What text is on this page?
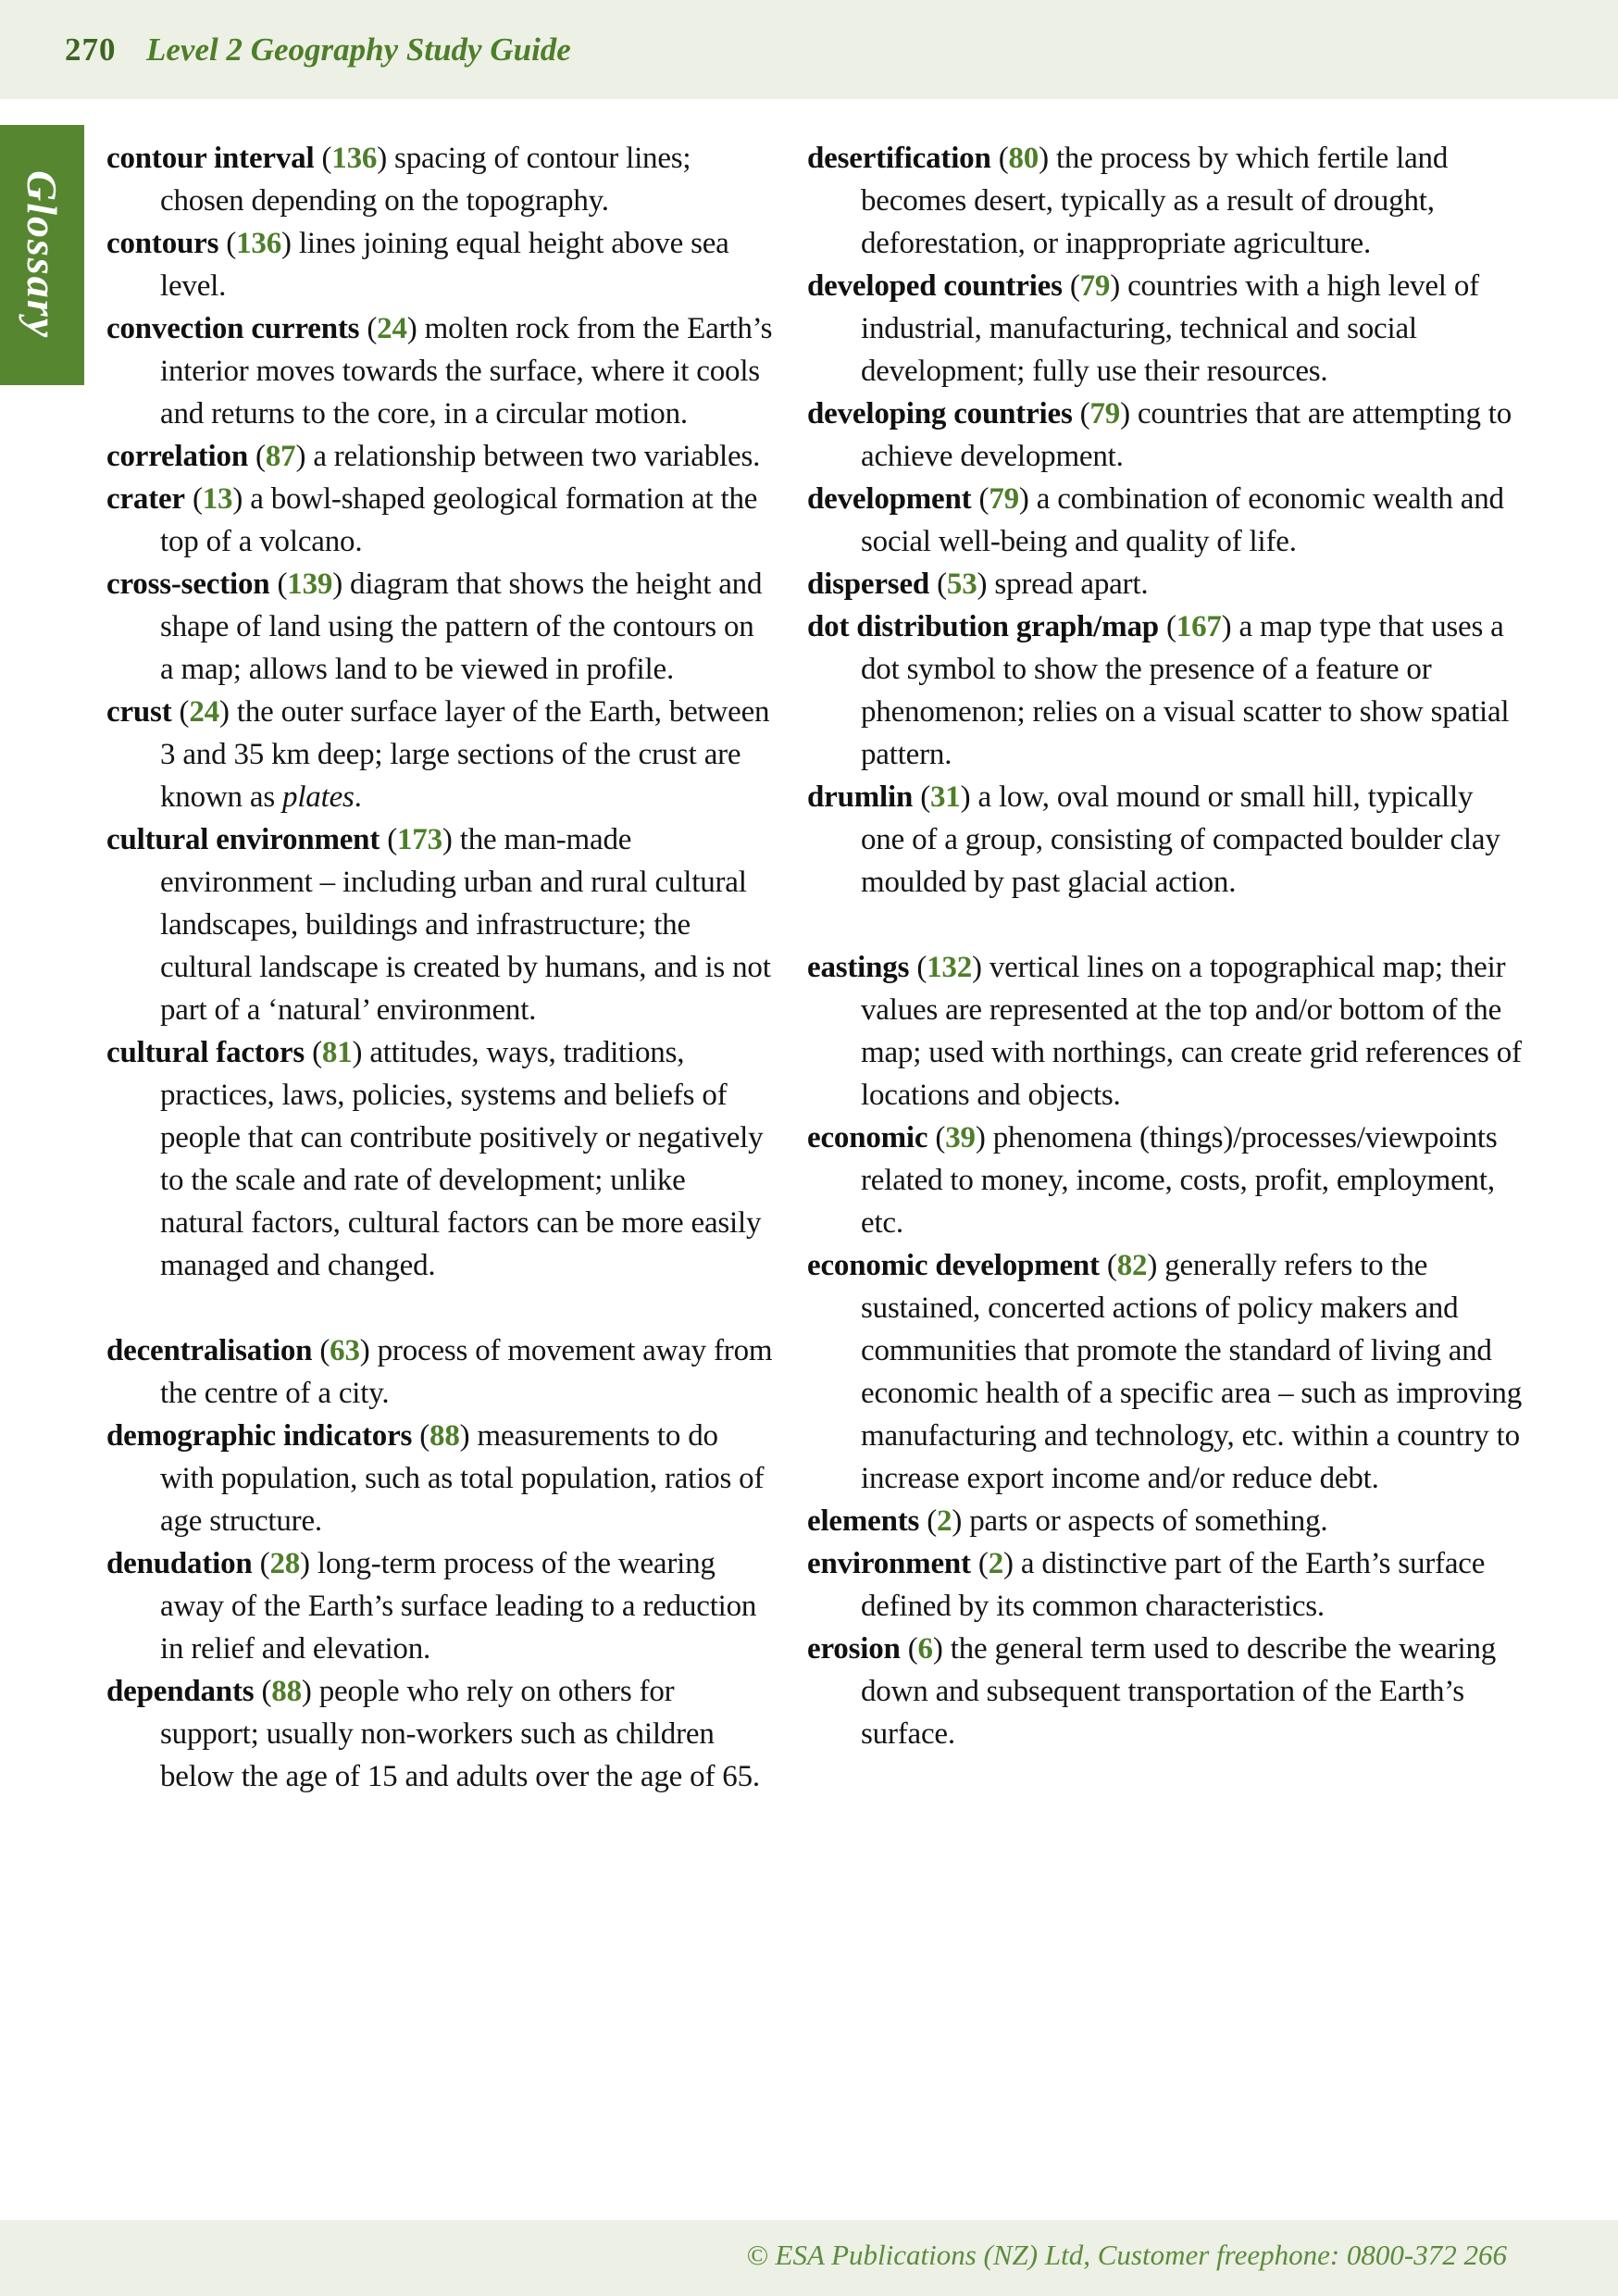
270 Level 2 Geography Study Guide
Glossary
contour interval (136) spacing of contour lines; chosen depending on the topography.
contours (136) lines joining equal height above sea level.
convection currents (24) molten rock from the Earth’s interior moves towards the surface, where it cools and returns to the core, in a circular motion.
correlation (87) a relationship between two variables.
crater (13) a bowl-shaped geological formation at the top of a volcano.
cross-section (139) diagram that shows the height and shape of land using the pattern of the contours on a map; allows land to be viewed in profile.
crust (24) the outer surface layer of the Earth, between 3 and 35 km deep; large sections of the crust are known as plates.
cultural environment (173) the man-made environment – including urban and rural cultural landscapes, buildings and infrastructure; the cultural landscape is created by humans, and is not part of a ‘natural’ environment.
cultural factors (81) attitudes, ways, traditions, practices, laws, policies, systems and beliefs of people that can contribute positively or negatively to the scale and rate of development; unlike natural factors, cultural factors can be more easily managed and changed.
decentralisation (63) process of movement away from the centre of a city.
demographic indicators (88) measurements to do with population, such as total population, ratios of age structure.
denudation (28) long-term process of the wearing away of the Earth’s surface leading to a reduction in relief and elevation.
dependants (88) people who rely on others for support; usually non-workers such as children below the age of 15 and adults over the age of 65.
desertification (80) the process by which fertile land becomes desert, typically as a result of drought, deforestation, or inappropriate agriculture.
developed countries (79) countries with a high level of industrial, manufacturing, technical and social development; fully use their resources.
developing countries (79) countries that are attempting to achieve development.
development (79) a combination of economic wealth and social well-being and quality of life.
dispersed (53) spread apart.
dot distribution graph/map (167) a map type that uses a dot symbol to show the presence of a feature or phenomenon; relies on a visual scatter to show spatial pattern.
drumlin (31) a low, oval mound or small hill, typically one of a group, consisting of compacted boulder clay moulded by past glacial action.
eastings (132) vertical lines on a topographical map; their values are represented at the top and/or bottom of the map; used with northings, can create grid references of locations and objects.
economic (39) phenomena (things)/processes/viewpoints related to money, income, costs, profit, employment, etc.
economic development (82) generally refers to the sustained, concerted actions of policy makers and communities that promote the standard of living and economic health of a specific area – such as improving manufacturing and technology, etc. within a country to increase export income and/or reduce debt.
elements (2) parts or aspects of something.
environment (2) a distinctive part of the Earth’s surface defined by its common characteristics.
erosion (6) the general term used to describe the wearing down and subsequent transportation of the Earth’s surface.
© ESA Publications (NZ) Ltd, Customer freephone: 0800-372 266
